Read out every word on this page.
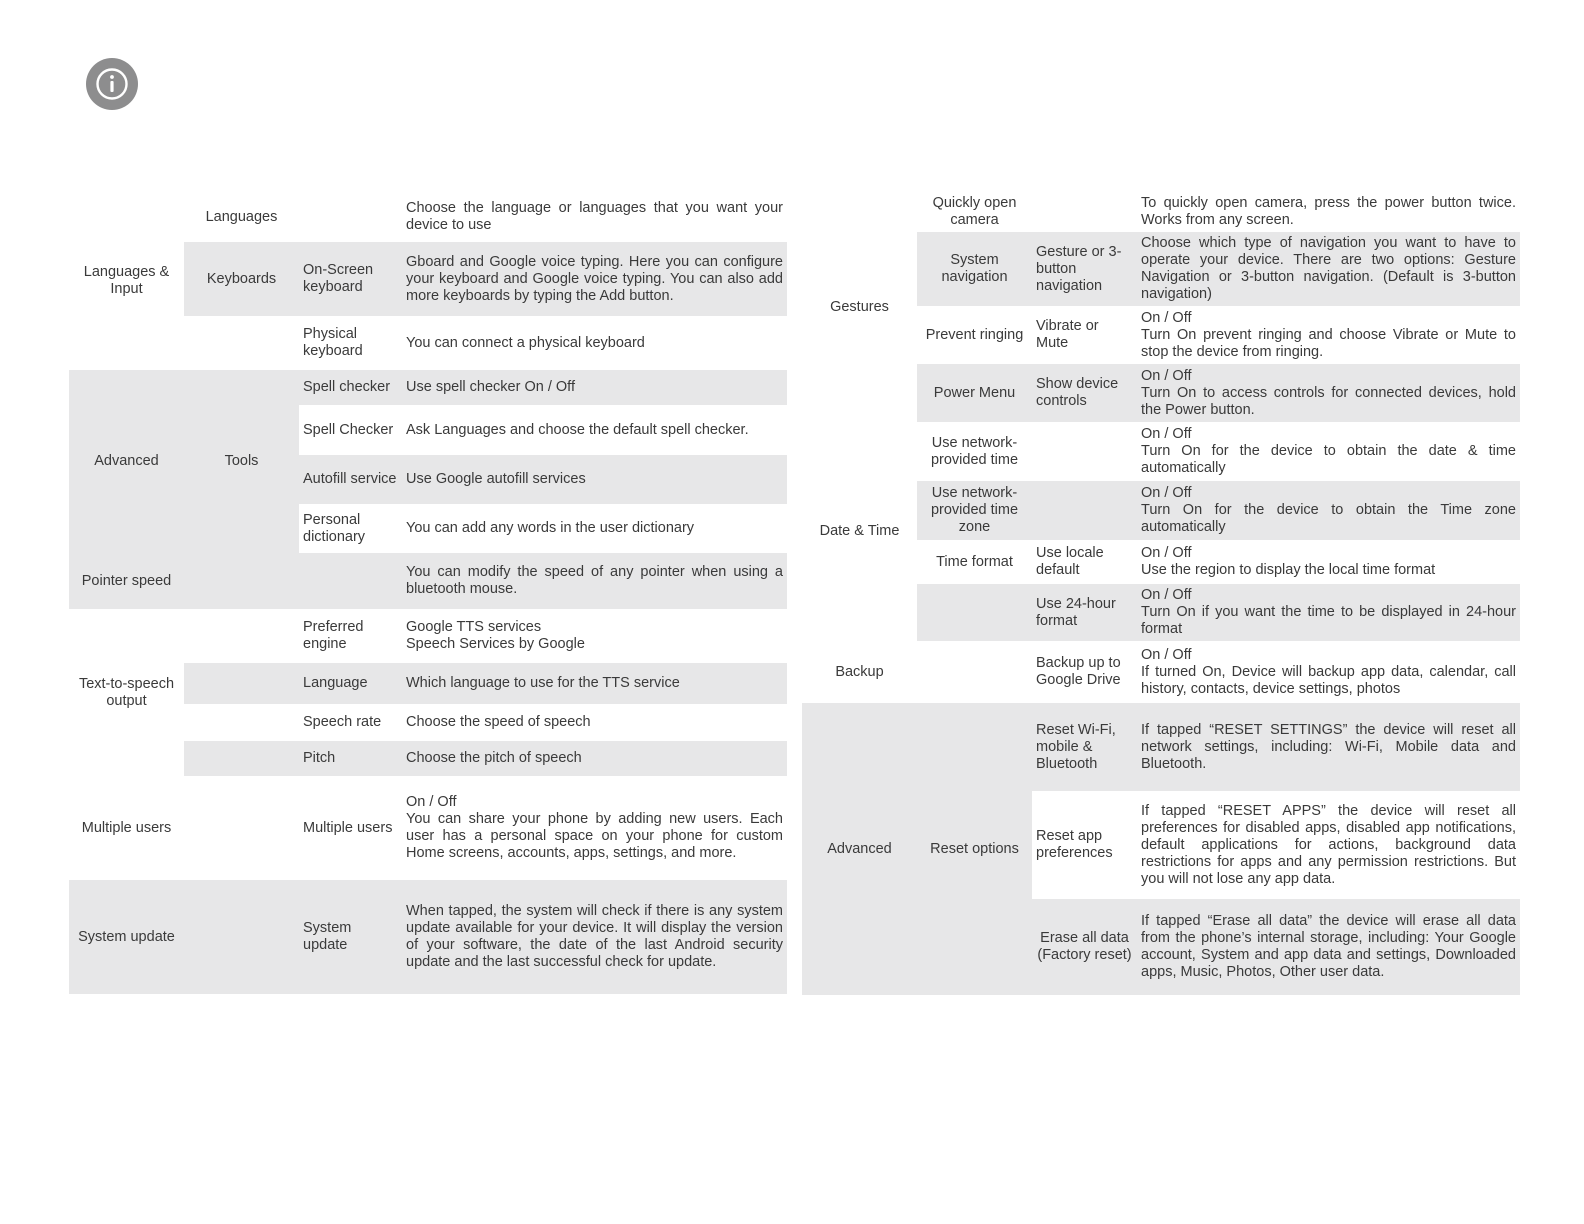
Languages & Input	Languages		Choose the language or languages that you want your device to use
	Keyboards	On-Screen keyboard	Gboard and Google voice typing. Here you can configure your keyboard and Google voice typing. You can also add more keyboards by typing the Add button.
		Physical keyboard	You can connect a physical keyboard
Advanced	Tools	Spell checker	Use spell checker On / Off
		Spell Checker	Ask Languages and choose the default spell checker.
		Autofill service	Use Google autofill services
		Personal dictionary	You can add any words in the user dictionary
Pointer speed			You can modify the speed of any pointer when using a bluetooth mouse.
Text-to-speech output		Preferred engine	Google TTS services
Speech Services by Google

		Language	Which language to use for the TTS service
		Speech rate	Choose the speed of speech
		Pitch	Choose the pitch of speech
Multiple users		Multiple users	On / Off
You can share your phone by adding new users. Each user has a personal space on your phone for custom Home screens, accounts, apps, settings, and more.

System update		System update	When tapped, the system will check if there is any system update available for your device. It will display the version of your software, the date of the last Android security update and the last successful check for update.
Gestures	Quickly open camera		To quickly open camera, press the power button twice. Works from any screen.
	System navigation	Gesture or 3-button navigation	Choose which type of navigation you want to have to operate your device. There are two options: Gesture Navigation or 3-button navigation. (Default is 3-button navigation)
	Prevent ringing	Vibrate or Mute	On / Off
Turn On prevent ringing and choose Vibrate or Mute to stop the device from ringing.

	Power Menu	Show device controls	On / Off
Turn On to access controls for connected devices, hold the Power button.

Date & Time	Use network-provided time		On / Off
Turn On for the device to obtain the date & time automatically

	Use network-provided time zone		On / Off
Turn On for the device to obtain the Time zone automatically

	Time format	Use locale default	On / Off
Use the region to display the local time format

		Use 24-hour format	On / Off
Turn On if you want the time to be displayed in 24-hour format

Backup		Backup up to Google Drive	On / Off
If turned On, Device will backup app data, calendar, call history, contacts, device settings, photos

Advanced	Reset options	Reset Wi-Fi, mobile & Bluetooth	If tapped “RESET SETTINGS” the device will reset all network settings, including: Wi-Fi, Mobile data and Bluetooth.
		Reset app preferences	If tapped “RESET APPS” the device will reset all preferences for disabled apps, disabled app notifications, default applications for actions, background data restrictions for apps and any permission restrictions. But you will not lose any app data.
		Erase all data (Factory reset)	If tapped “Erase all data” the device will erase all data from the phone’s internal storage, including: Your Google account, System and app data and settings, Downloaded apps, Music, Photos, Other user data.
